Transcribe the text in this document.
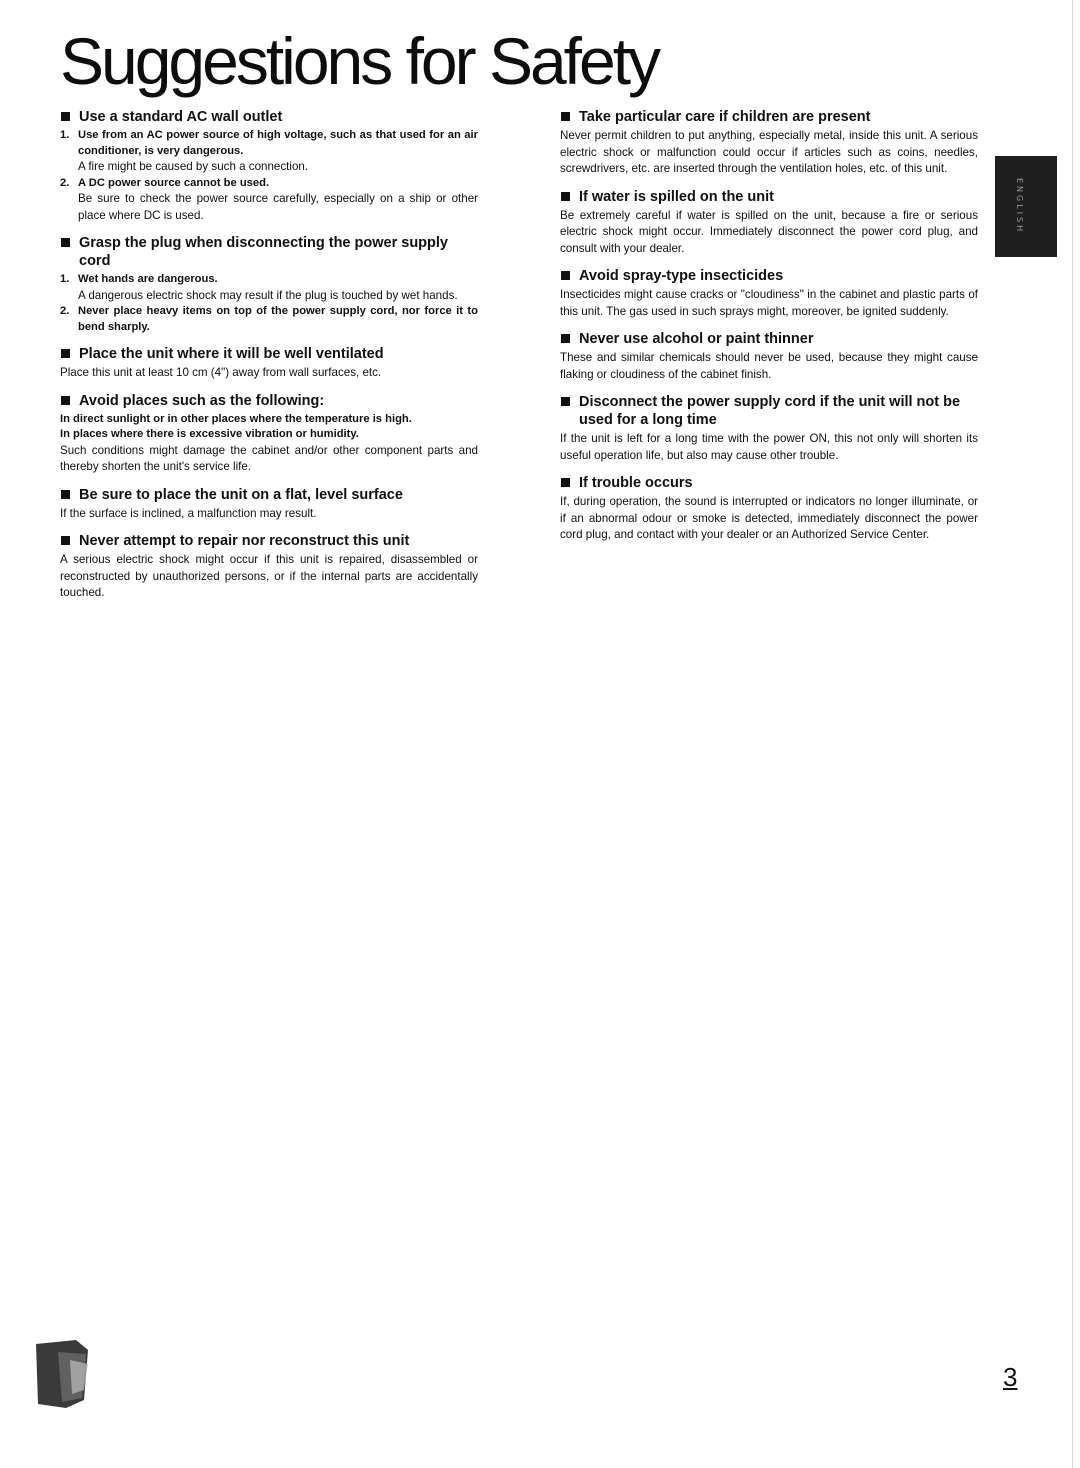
Suggestions for Safety
Use a standard AC wall outlet
1. Use from an AC power source of high voltage, such as that used for an air conditioner, is very dangerous.

A fire might be caused by such a connection.

2. A DC power source cannot be used.

Be sure to check the power source carefully, especially on a ship or other place where DC is used.

Grasp the plug when disconnecting the power supply cord
1. Wet hands are dangerous.

A dangerous electric shock may result if the plug is touched by wet hands.

2. Never place heavy items on top of the power supply cord, nor force it to bend sharply.

Place the unit where it will be well ventilated

Place this unit at least 10 cm (4") away from wall surfaces, etc.

Avoid places such as the following:

In direct sunlight or in other places where the temperature is high.

In places where there is excessive vibration or humidity.

Such conditions might damage the cabinet and/or other component parts and thereby shorten the unit's service life.

Be sure to place the unit on a flat, level surface

If the surface is inclined, a malfunction may result.

Never attempt to repair nor reconstruct this unit

A serious electric shock might occur if this unit is repaired, disassembled or reconstructed by unauthorized persons, or if the internal parts are accidentally touched.

Take particular care if children are present

Never permit children to put anything, especially metal, inside this unit. A serious electric shock or malfunction could occur if articles such as coins, needles, screwdrivers, etc. are inserted through the ventilation holes, etc. of this unit.

If water is spilled on the unit

Be extremely careful if water is spilled on the unit, because a fire or serious electric shock might occur. Immediately disconnect the power cord plug, and consult with your dealer.

Avoid spray-type insecticides

Insecticides might cause cracks or "cloudiness" in the cabinet and plastic parts of this unit. The gas used in such sprays might, moreover, be ignited suddenly.

Never use alcohol or paint thinner

These and similar chemicals should never be used, because they might cause flaking or cloudiness of the cabinet finish.

Disconnect the power supply cord if the unit will not be used for a long time

If the unit is left for a long time with the power ON, this not only will shorten its useful operation life, but also may cause other trouble.

If trouble occurs

If, during operation, the sound is interrupted or indicators no longer illuminate, or if an abnormal odour or smoke is detected, immediately disconnect the power cord plug, and contact with your dealer or an Authorized Service Center.

ENGLISH
3
